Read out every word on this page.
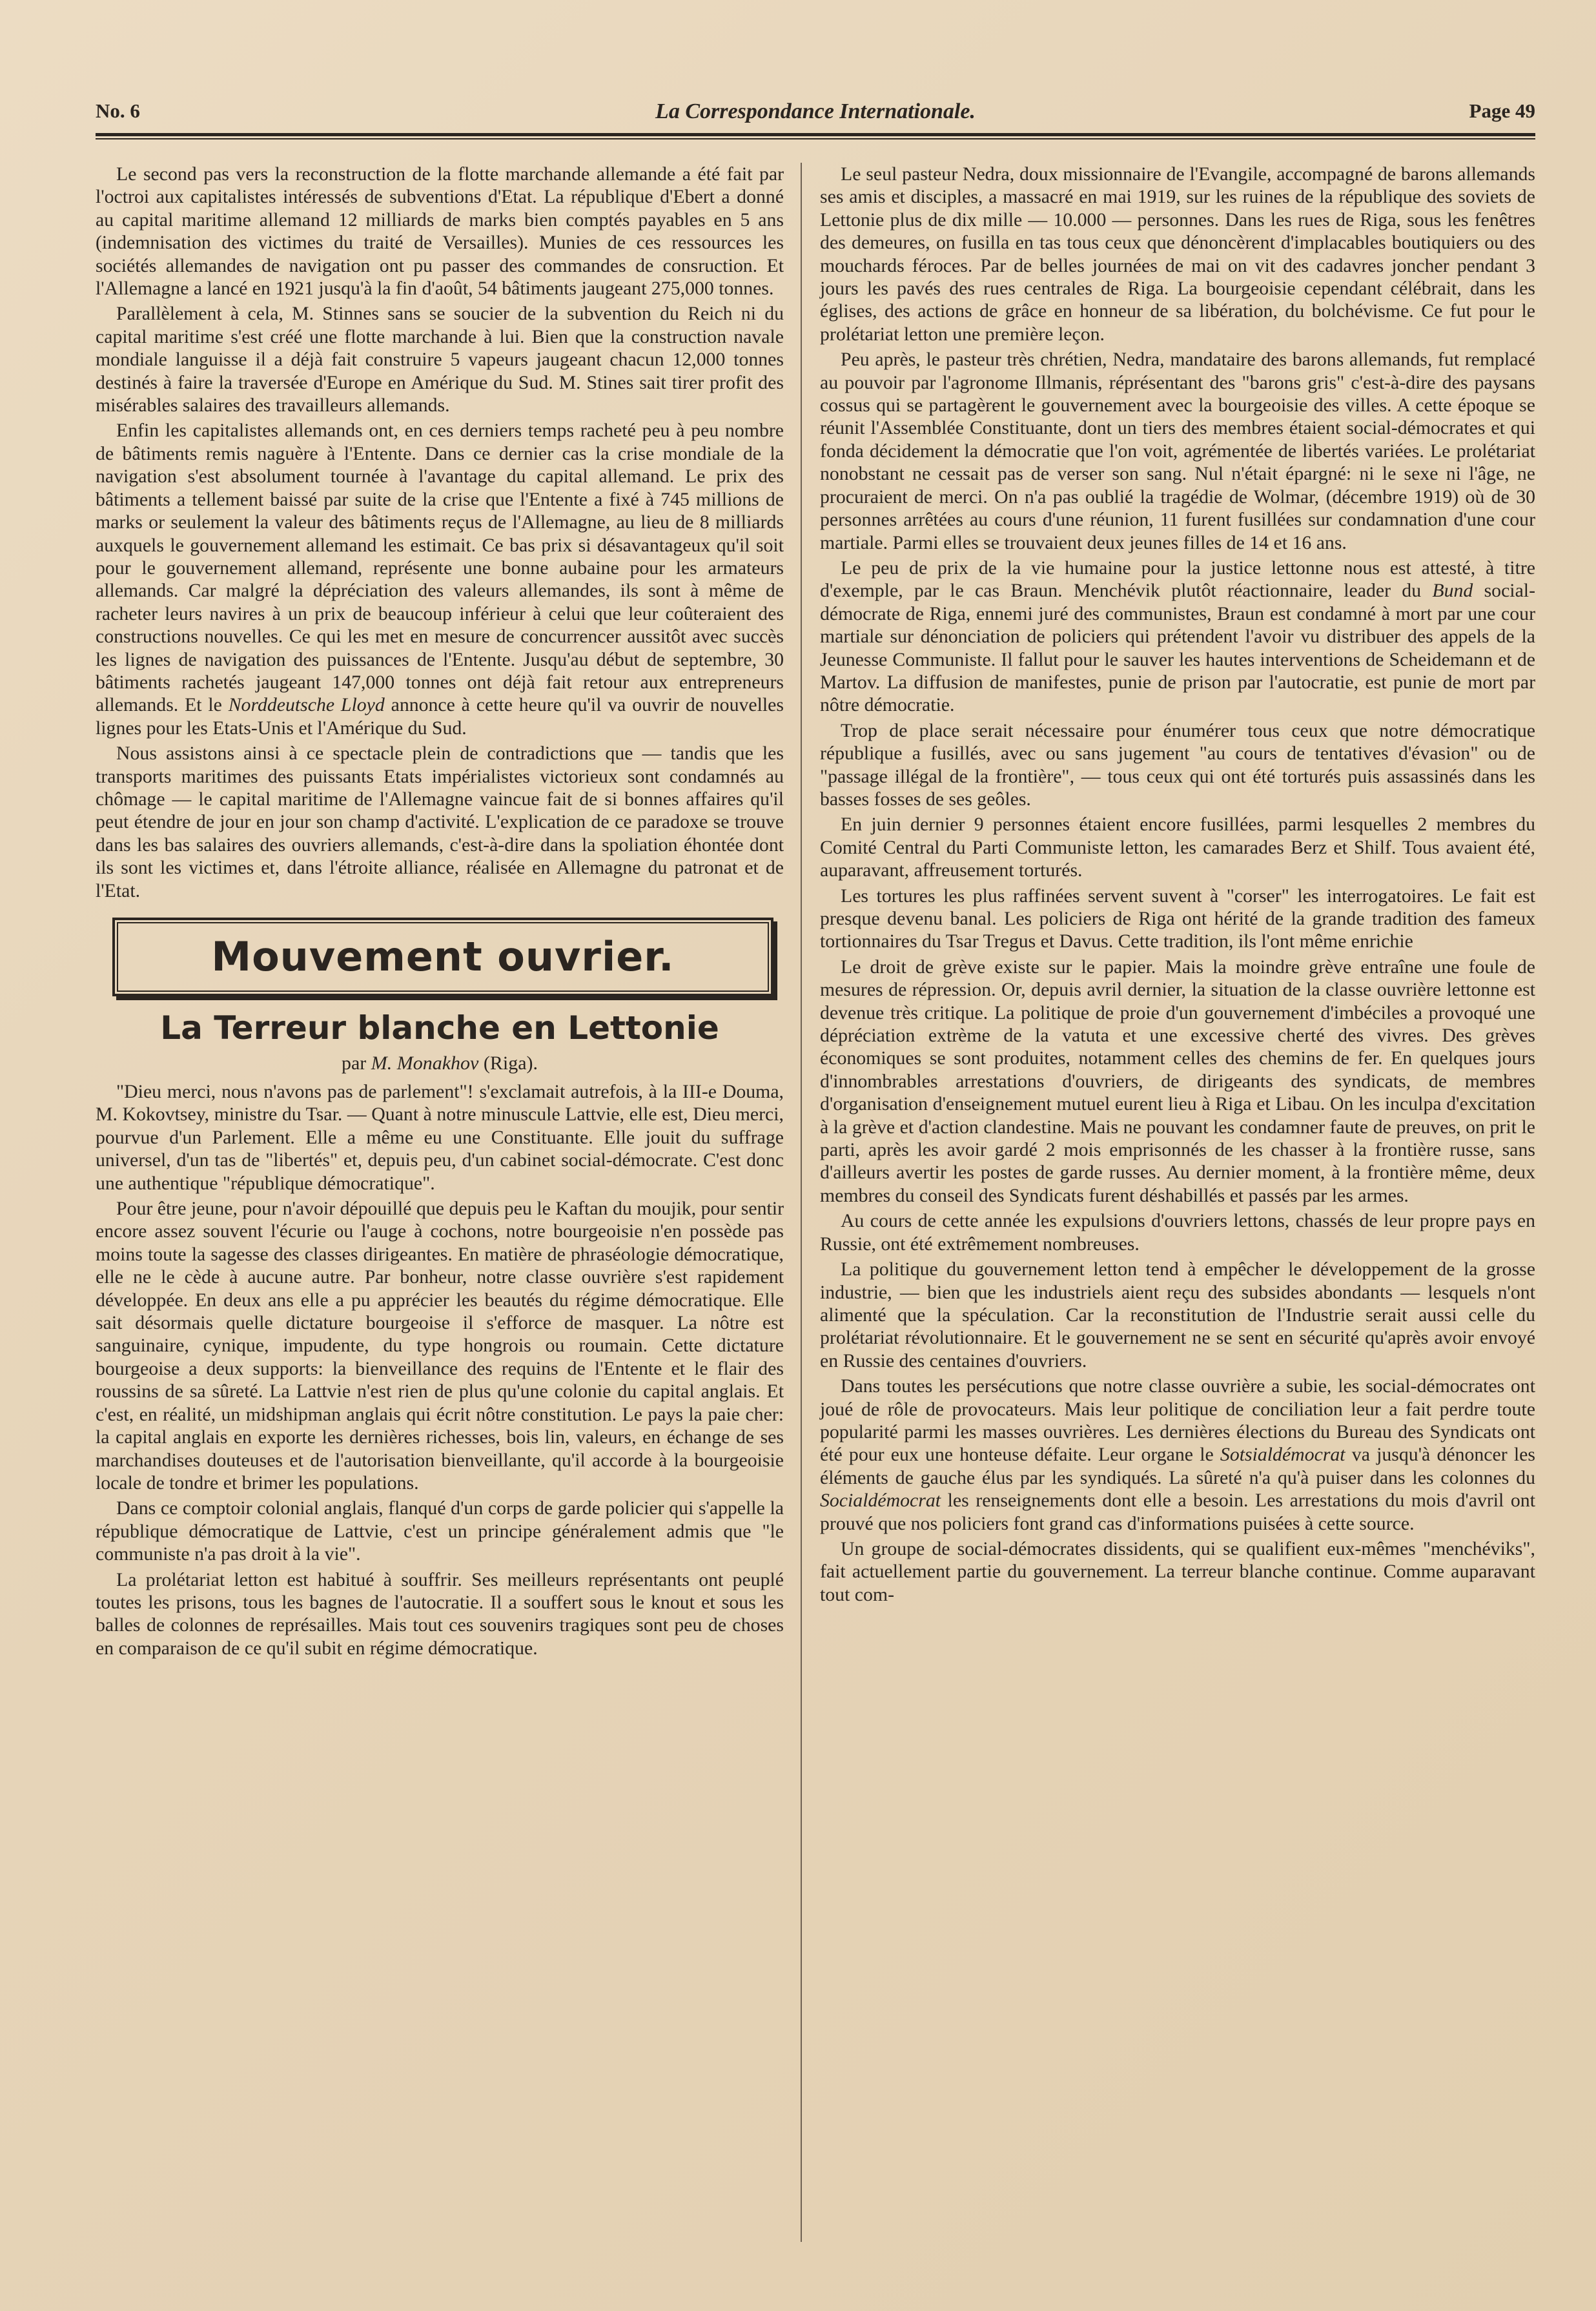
No. 6	La Correspondance Internationale.	Page 49

Le second pas vers la reconstruction de la flotte marchande allemande a été fait par l'octroi aux capitalistes intéressés de subventions d'Etat. La république d'Ebert a donné au capital maritime allemand 12 milliards de marks bien comptés payables en 5 ans (indemnisation des victimes du traité de Versailles). Munies de ces ressources les sociétés allemandes de navigation ont pu passer des commandes de consruction. Et l'Allemagne a lancé en 1921 jusqu'à la fin d'août, 54 bâtiments jaugeant 275,000 tonnes.

Parallèlement à cela, M. Stinnes sans se soucier de la subvention du Reich ni du capital maritime s'est créé une flotte marchande à lui. Bien que la construction navale mondiale languisse il a déjà fait construire 5 vapeurs jaugeant chacun 12,000 tonnes destinés à faire la traversée d'Europe en Amérique du Sud. M. Stines sait tirer profit des misérables salaires des travailleurs allemands.

Enfin les capitalistes allemands ont, en ces derniers temps racheté peu à peu nombre de bâtiments remis naguère à l'Entente. Dans ce dernier cas la crise mondiale de la navigation s'est absolument tournée à l'avantage du capital allemand. Le prix des bâtiments a tellement baissé par suite de la crise que l'Entente a fixé à 745 millions de marks or seulement la valeur des bâtiments reçus de l'Allemagne, au lieu de 8 milliards auxquels le gouvernement allemand les estimait. Ce bas prix si désavantageux qu'il soit pour le gouvernement allemand, représente une bonne aubaine pour les armateurs allemands. Car malgré la dépréciation des valeurs allemandes, ils sont à même de racheter leurs navires à un prix de beaucoup inférieur à celui que leur coûteraient des constructions nouvelles. Ce qui les met en mesure de concurrencer aussitôt avec succès les lignes de navigation des puissances de l'Entente. Jusqu'au début de septembre, 30 bâtiments rachetés jaugeant 147,000 tonnes ont déjà fait retour aux entrepreneurs allemands. Et le Norddeutsche Lloyd annonce à cette heure qu'il va ouvrir de nouvelles lignes pour les Etats-Unis et l'Amérique du Sud.

Nous assistons ainsi à ce spectacle plein de contradictions que — tandis que les transports maritimes des puissants Etats impérialistes victorieux sont condamnés au chômage — le capital maritime de l'Allemagne vaincue fait de si bonnes affaires qu'il peut étendre de jour en jour son champ d'activité. L'explication de ce paradoxe se trouve dans les bas salaires des ouvriers allemands, c'est-à-dire dans la spoliation éhontée dont ils sont les victimes et, dans l'étroite alliance, réalisée en Allemagne du patronat et de l'Etat.

Mouvement ouvrier.
La Terreur blanche en Lettonie
par M. Monakhov (Riga).

"Dieu merci, nous n'avons pas de parlement"! s'exclamait autrefois, à la III-e Douma, M. Kokovtsey, ministre du Tsar. — Quant à notre minuscule Lattvie, elle est, Dieu merci, pourvue d'un Parlement. Elle a même eu une Constituante. Elle jouit du suffrage universel, d'un tas de "libertés" et, depuis peu, d'un cabinet social-démocrate. C'est donc une authentique "république démocratique".

Pour être jeune, pour n'avoir dépouillé que depuis peu le Kaftan du moujik, pour sentir encore assez souvent l'écurie ou l'auge à cochons, notre bourgeoisie n'en possède pas moins toute la sagesse des classes dirigeantes. En matière de phraséologie démocratique, elle ne le cède à aucune autre. Par bonheur, notre classe ouvrière s'est rapidement développée. En deux ans elle a pu apprécier les beautés du régime démocratique. Elle sait désormais quelle dictature bourgeoise il s'efforce de masquer. La nôtre est sanguinaire, cynique, impudente, du type hongrois ou roumain. Cette dictature bourgeoise a deux supports: la bienveillance des requins de l'Entente et le flair des roussins de sa sûreté. La Lattvie n'est rien de plus qu'une colonie du capital anglais. Et c'est, en réalité, un midshipman anglais qui écrit nôtre constitution. Le pays la paie cher: la capital anglais en exporte les dernières richesses, bois lin, valeurs, en échange de ses marchandises douteuses et de l'autorisation bienveillante, qu'il accorde à la bourgeoisie locale de tondre et brimer les populations.

Dans ce comptoir colonial anglais, flanqué d'un corps de garde policier qui s'appelle la république démocratique de Lattvie, c'est un principe généralement admis que "le communiste n'a pas droit à la vie".

La prolétariat letton est habitué à souffrir. Ses meilleurs représentants ont peuplé toutes les prisons, tous les bagnes de l'autocratie. Il a souffert sous le knout et sous les balles de colonnes de représailles. Mais tout ces souvenirs tragiques sont peu de choses en comparaison de ce qu'il subit en régime démocratique.

Le seul pasteur Nedra, doux missionnaire de l'Evangile, accompagné de barons allemands ses amis et disciples, a massacré en mai 1919, sur les ruines de la république des soviets de Lettonie plus de dix mille — 10.000 — personnes. Dans les rues de Riga, sous les fenêtres des demeures, on fusilla en tas tous ceux que dénoncèrent d'implacables boutiquiers ou des mouchards féroces. Par de belles journées de mai on vit des cadavres joncher pendant 3 jours les pavés des rues centrales de Riga. La bourgeoisie cependant célébrait, dans les églises, des actions de grâce en honneur de sa libération, du bolchévisme. Ce fut pour le prolétariat letton une première leçon.

Peu après, le pasteur très chrétien, Nedra, mandataire des barons allemands, fut remplacé au pouvoir par l'agronome Illmanis, réprésentant des "barons gris" c'est-à-dire des paysans cossus qui se partagèrent le gouvernement avec la bourgeoisie des villes. A cette époque se réunit l'Assemblée Constituante, dont un tiers des membres étaient social-démocrates et qui fonda décidement la démocratie que l'on voit, agrémentée de libertés variées. Le prolétariat nonobstant ne cessait pas de verser son sang. Nul n'était épargné: ni le sexe ni l'âge, ne procuraient de merci. On n'a pas oublié la tragédie de Wolmar, (décembre 1919) où de 30 personnes arrêtées au cours d'une réunion, 11 furent fusillées sur condamnation d'une cour martiale. Parmi elles se trouvaient deux jeunes filles de 14 et 16 ans.

Le peu de prix de la vie humaine pour la justice lettonne nous est attesté, à titre d'exemple, par le cas Braun. Menchévik plutôt réactionnaire, leader du Bund social-démocrate de Riga, ennemi juré des communistes, Braun est condamné à mort par une cour martiale sur dénonciation de policiers qui prétendent l'avoir vu distribuer des appels de la Jeunesse Communiste. Il fallut pour le sauver les hautes interventions de Scheidemann et de Martov. La diffusion de manifestes, punie de prison par l'autocratie, est punie de mort par nôtre démocratie.

Trop de place serait nécessaire pour énumérer tous ceux que notre démocratique république a fusillés, avec ou sans jugement "au cours de tentatives d'évasion" ou de "passage illégal de la frontière", — tous ceux qui ont été torturés puis assassinés dans les basses fosses de ses geôles.

En juin dernier 9 personnes étaient encore fusillées, parmi lesquelles 2 membres du Comité Central du Parti Communiste letton, les camarades Berz et Shilf. Tous avaient été, auparavant, affreusement torturés.

Les tortures les plus raffinées servent suvent à "corser" les interrogatoires. Le fait est presque devenu banal. Les policiers de Riga ont hérité de la grande tradition des fameux tortionnaires du Tsar Tregus et Davus. Cette tradition, ils l'ont même enrichie

Le droit de grève existe sur le papier. Mais la moindre grève entraîne une foule de mesures de répression. Or, depuis avril dernier, la situation de la classe ouvrière lettonne est devenue très critique. La politique de proie d'un gouvernement d'imbéciles a provoqué une dépréciation extrème de la vatuta et une excessive cherté des vivres. Des grèves économiques se sont produites, notamment celles des chemins de fer. En quelques jours d'innombrables arrestations d'ouvriers, de dirigeants des syndicats, de membres d'organisation d'enseignement mutuel eurent lieu à Riga et Libau. On les inculpa d'excitation à la grève et d'action clandestine. Mais ne pouvant les condamner faute de preuves, on prit le parti, après les avoir gardé 2 mois emprisonnés de les chasser à la frontière russe, sans d'ailleurs avertir les postes de garde russes. Au dernier moment, à la frontière même, deux membres du conseil des Syndicats furent déshabillés et passés par les armes.

Au cours de cette année les expulsions d'ouvriers lettons, chassés de leur propre pays en Russie, ont été extrêmement nombreuses.

La politique du gouvernement letton tend à empêcher le développement de la grosse industrie, — bien que les industriels aient reçu des subsides abondants — lesquels n'ont alimenté que la spéculation. Car la reconstitution de l'Industrie serait aussi celle du prolétariat révolutionnaire. Et le gouvernement ne se sent en sécurité qu'après avoir envoyé en Russie des centaines d'ouvriers.

Dans toutes les persécutions que notre classe ouvrière a subie, les social-démocrates ont joué de rôle de provocateurs. Mais leur politique de conciliation leur a fait perdre toute popularité parmi les masses ouvrières. Les dernières élections du Bureau des Syndicats ont été pour eux une honteuse défaite. Leur organe le Sotsialdémocrat va jusqu'à dénoncer les éléments de gauche élus par les syndiqués. La sûreté n'a qu'à puiser dans les colonnes du Socialdémocrat les renseignements dont elle a besoin. Les arrestations du mois d'avril ont prouvé que nos policiers font grand cas d'informations puisées à cette source.

Un groupe de social-démocrates dissidents, qui se qualifient eux-mêmes "menchéviks", fait actuellement partie du gouvernement. La terreur blanche continue. Comme auparavant tout com-
